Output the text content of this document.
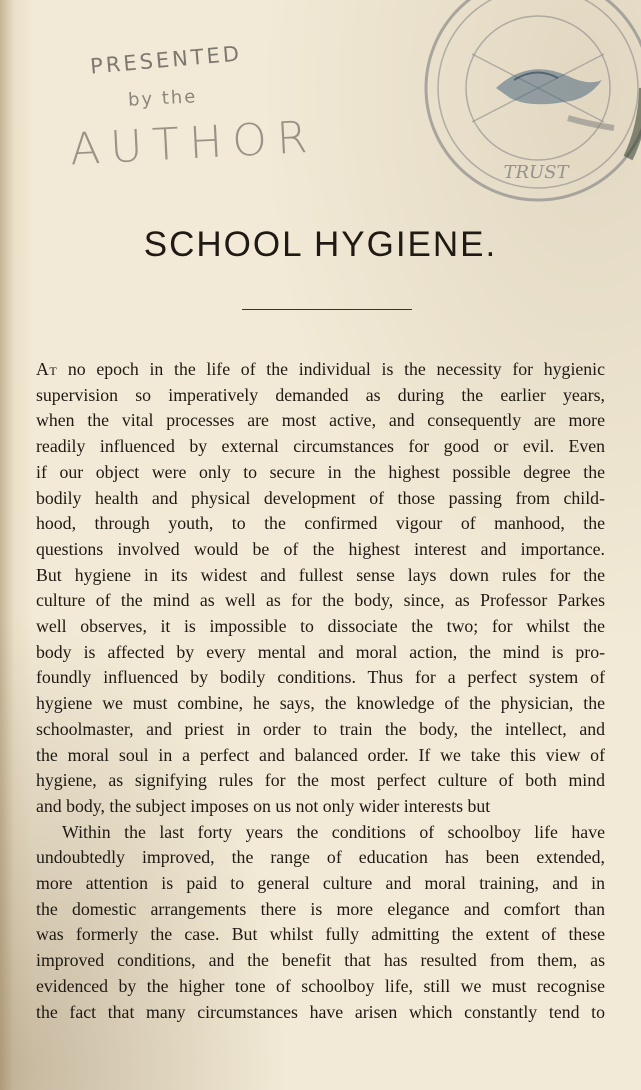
PRESENTED
by the
AUTHOR	TRUST
SCHOOL HYGIENE.
At no epoch in the life of the individual is the necessity for hygienic
supervision so imperatively demanded as during the earlier years,
when the vital processes are most active, and consequently are more
readily influenced by external circumstances for good or evil. Even
if our object were only to secure in the highest possible degree the
bodily health and physical development of those passing from child-
hood, through youth, to the confirmed vigour of manhood, the
questions involved would be of the highest interest and importance.
But hygiene in its widest and fullest sense lays down rules for the
culture of the mind as well as for the body, since, as Professor Parkes
well observes, it is impossible to dissociate the two; for whilst the
body is affected by every mental and moral action, the mind is pro-
foundly influenced by bodily conditions. Thus for a perfect system of
hygiene we must combine, he says, the knowledge of the physician, the
schoolmaster, and priest in order to train the body, the intellect, and
the moral soul in a perfect and balanced order. If we take this view of
hygiene, as signifying rules for the most perfect culture of both mind
and body, the subject imposes on us not only wider interests but
Within the last forty years the conditions of schoolboy life have
undoubtedly improved, the range of education has been extended,
more attention is paid to general culture and moral training, and in
the domestic arrangements there is more elegance and comfort than
was formerly the case. But whilst fully admitting the extent of these
improved conditions, and the benefit that has resulted from them, as
evidenced by the higher tone of schoolboy life, still we must recognise
the fact that many circumstances have arisen which constantly tend to
